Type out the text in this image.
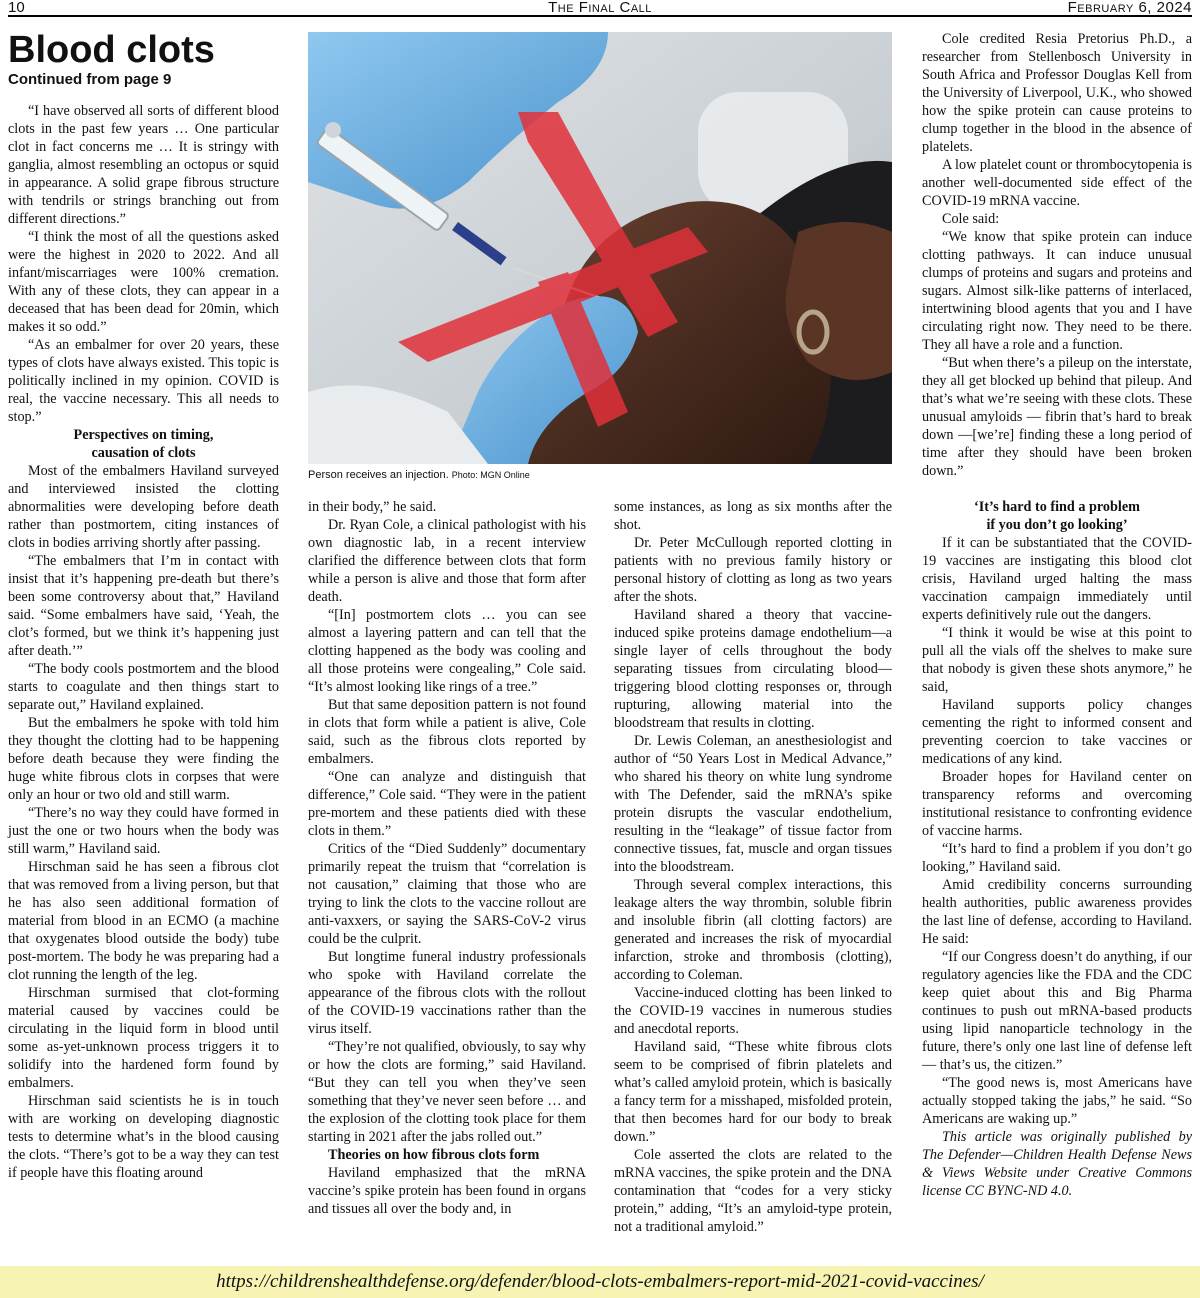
10	The Final Call	February 6, 2024
Blood clots
Continued from page 9

“I have observed all sorts of different blood clots in the past few years … One particular clot in fact concerns me … It is stringy with ganglia, almost resembling an octopus or squid in appearance. A solid grape fibrous structure with tendrils or strings branching out from different directions.”

“I think the most of all the questions asked were the highest in 2020 to 2022. And all infant/miscarriages were 100% cremation. With any of these clots, they can appear in a deceased that has been dead for 20min, which makes it so odd.”

“As an embalmer for over 20 years, these types of clots have always existed. This topic is politically inclined in my opinion. COVID is real, the vaccine necessary. This all needs to stop.”

Perspectives on timing,
causation of clots

Most of the embalmers Haviland surveyed and interviewed insisted the clotting abnormalities were developing before death rather than postmortem, citing instances of clots in bodies arriving shortly after passing.

“The embalmers that I’m in contact with insist that it’s happening pre-death but there’s been some controversy about that,” Haviland said. “Some embalmers have said, ‘Yeah, the clot’s formed, but we think it’s happening just after death.’”

“The body cools postmortem and the blood starts to coagulate and then things start to separate out,” Haviland explained.

But the embalmers he spoke with told him they thought the clotting had to be happening before death because they were finding the huge white fibrous clots in corpses that were only an hour or two old and still warm.

“There’s no way they could have formed in just the one or two hours when the body was still warm,” Haviland said.

Hirschman said he has seen a fibrous clot that was removed from a living person, but that he has also seen additional formation of material from blood in an ECMO (a machine that oxygenates blood outside the body) tube post-mortem. The body he was preparing had a clot running the length of the leg.

Hirschman surmised that clot-forming material caused by vaccines could be circulating in the liquid form in blood until some as-yet-unknown process triggers it to solidify into the hardened form found by embalmers.

Hirschman said scientists he is in touch with are working on developing diagnostic tests to determine what’s in the blood causing the clots. “There’s got to be a way they can test if people have this floating around

Person receives an injection. Photo: MGN Online

in their body,” he said.

Dr. Ryan Cole, a clinical pathologist with his own diagnostic lab, in a recent interview clarified the difference between clots that form while a person is alive and those that form after death.

“[In] postmortem clots … you can see almost a layering pattern and can tell that the clotting happened as the body was cooling and all those proteins were congealing,” Cole said. “It’s almost looking like rings of a tree.”

But that same deposition pattern is not found in clots that form while a patient is alive, Cole said, such as the fibrous clots reported by embalmers.

“One can analyze and distinguish that difference,” Cole said. “They were in the patient pre-mortem and these patients died with these clots in them.”

Critics of the “Died Suddenly” documentary primarily repeat the truism that “correlation is not causation,” claiming that those who are trying to link the clots to the vaccine rollout are anti-vaxxers, or saying the SARS-CoV-2 virus could be the culprit.

But longtime funeral industry professionals who spoke with Haviland correlate the appearance of the fibrous clots with the rollout of the COVID-19 vaccinations rather than the virus itself.

“They’re not qualified, obviously, to say why or how the clots are forming,” said Haviland. “But they can tell you when they’ve seen something that they’ve never seen before … and the explosion of the clotting took place for them starting in 2021 after the jabs rolled out.”

Theories on how fibrous clots form

Haviland emphasized that the mRNA vaccine’s spike protein has been found in organs and tissues all over the body and, in

some instances, as long as six months after the shot.

Dr. Peter McCullough reported clotting in patients with no previous family history or personal history of clotting as long as two years after the shots.

Haviland shared a theory that vaccine-induced spike proteins damage endothelium—a single layer of cells throughout the body separating tissues from circulating blood—triggering blood clotting responses or, through rupturing, allowing material into the bloodstream that results in clotting.

Dr. Lewis Coleman, an anesthesiologist and author of “50 Years Lost in Medical Advance,” who shared his theory on white lung syndrome with The Defender, said the mRNA’s spike protein disrupts the vascular endothelium, resulting in the “leakage” of tissue factor from connective tissues, fat, muscle and organ tissues into the bloodstream.

Through several complex interactions, this leakage alters the way thrombin, soluble fibrin and insoluble fibrin (all clotting factors) are generated and increases the risk of myocardial infarction, stroke and thrombosis (clotting), according to Coleman.

Vaccine-induced clotting has been linked to the COVID-19 vaccines in numerous studies and anecdotal reports.

Haviland said, “These white fibrous clots seem to be comprised of fibrin platelets and what’s called amyloid protein, which is basically a fancy term for a misshaped, misfolded protein, that then becomes hard for our body to break down.”

Cole asserted the clots are related to the mRNA vaccines, the spike protein and the DNA contamination that “codes for a very sticky protein,” adding, “It’s an amyloid-type protein, not a traditional amyloid.”

Cole credited Resia Pretorius Ph.D., a researcher from Stellenbosch University in South Africa and Professor Douglas Kell from the University of Liverpool, U.K., who showed how the spike protein can cause proteins to clump together in the blood in the absence of platelets.

A low platelet count or thrombocytopenia is another well-documented side effect of the COVID-19 mRNA vaccine.

Cole said:

“We know that spike protein can induce clotting pathways. It can induce unusual clumps of proteins and sugars and proteins and sugars. Almost silk-like patterns of interlaced, intertwining blood agents that you and I have circulating right now. They need to be there. They all have a role and a function.

“But when there’s a pileup on the interstate, they all get blocked up behind that pileup. And that’s what we’re seeing with these clots. These unusual amyloids — fibrin that’s hard to break down —[we’re] finding these a long period of time after they should have been broken down.”

‘It’s hard to find a problem
if you don’t go looking’

If it can be substantiated that the COVID-19 vaccines are instigating this blood clot crisis, Haviland urged halting the mass vaccination campaign immediately until experts definitively rule out the dangers.

“I think it would be wise at this point to pull all the vials off the shelves to make sure that nobody is given these shots anymore,” he said,

Haviland supports policy changes cementing the right to informed consent and preventing coercion to take vaccines or medications of any kind.

Broader hopes for Haviland center on transparency reforms and overcoming institutional resistance to confronting evidence of vaccine harms.

“It’s hard to find a problem if you don’t go looking,” Haviland said.

Amid credibility concerns surrounding health authorities, public awareness provides the last line of defense, according to Haviland. He said:

“If our Congress doesn’t do anything, if our regulatory agencies like the FDA and the CDC keep quiet about this and Big Pharma continues to push out mRNA-based products using lipid nanoparticle technology in the future, there’s only one last line of defense left — that’s us, the citizen.”

“The good news is, most Americans have actually stopped taking the jabs,” he said. “So Americans are waking up.”

This article was originally published by The Defender—Children Health Defense News & Views Website under Creative Commons license CC BYNC-ND 4.0.

https://childrenshealthdefense.org/defender/blood-clots-embalmers-report-mid-2021-covid-vaccines/
